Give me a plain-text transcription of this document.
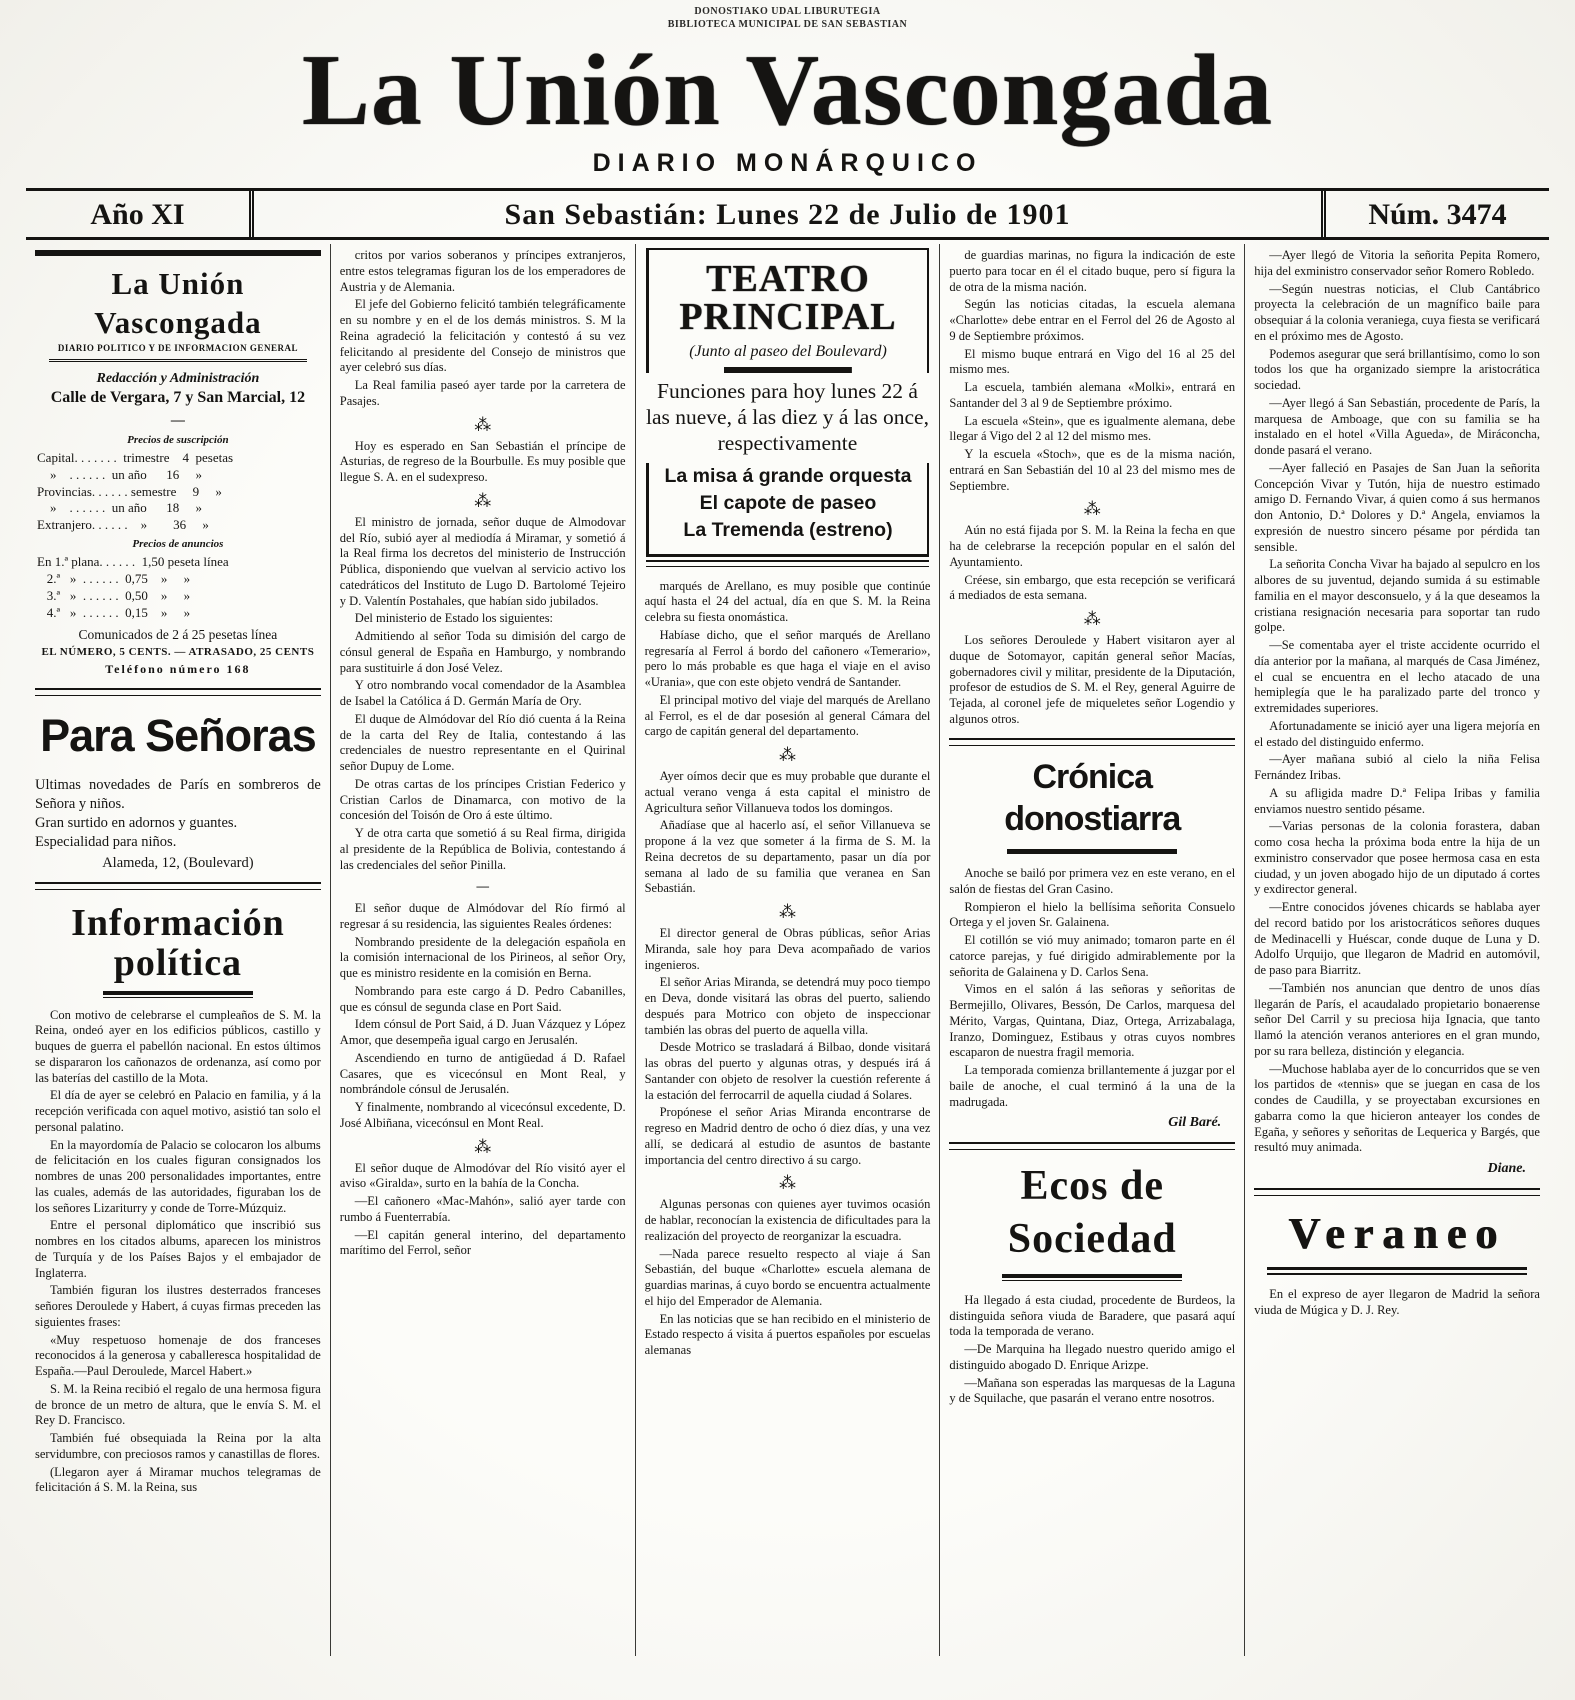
DONOSTIAKO UDAL LIBURUTEGIA
BIBLIOTECA MUNICIPAL DE SAN SEBASTIAN
La Unión Vascongada
DIARIO MONÁRQUICO
Año XI	San Sebastián: Lunes 22 de Julio de 1901	Núm. 3474
La Unión Vascongada
DIARIO POLITICO Y DE INFORMACION GENERAL
Redacción y Administración
Calle de Vergara, 7 y San Marcial, 12
—
Precios de suscripción
Capital. . . . . . .  trimestre    4  pesetas
»    . . . . . .  un año      16     »
Provincias. . . . . . semestre     9     »
»    . . . . . .  un año      18     »
Extranjero. . . . . .    »        36     »
Precios de anuncios
En 1.ª plana. . . . . .  1,50 peseta línea
2.ª   »  . . . . . .  0,75    »     »
3.ª   »  . . . . . .  0,50    »     »
4.ª   »  . . . . . .  0,15    »     »
Comunicados de 2 á 25 pesetas línea
EL NÚMERO, 5 CENTS. — ATRASADO, 25 CENTS
Teléfono número 168
Para Señoras
Ultimas novedades de París en sombreros de Señora y niños.
Gran surtido en adornos y guantes.
Especialidad para niños.
Alameda, 12, (Boulevard)
Información política
Con motivo de celebrarse el cumpleaños de S. M. la Reina, ondeó ayer en los edificios públicos, castillo y buques de guerra el pabellón nacional. En estos últimos se dispararon los cañonazos de ordenanza, así como por las baterías del castillo de la Mota.
El día de ayer se celebró en Palacio en familia, y á la recepción verificada con aquel motivo, asistió tan solo el personal palatino.
En la mayordomía de Palacio se colocaron los albums de felicitación en los cuales figuran consignados los nombres de unas 200 personalidades importantes, entre las cuales, además de las autoridades, figuraban los de los señores Lizariturry y conde de Torre-Múzquiz.
Entre el personal diplomático que inscribió sus nombres en los citados albums, aparecen los ministros de Turquía y de los Países Bajos y el embajador de Inglaterra.
También figuran los ilustres desterrados franceses señores Deroulede y Habert, á cuyas firmas preceden las siguientes frases:
«Muy respetuoso homenaje de dos franceses reconocidos á la generosa y caballeresca hospitalidad de España.—Paul Deroulede, Marcel Habert.»
S. M. la Reina recibió el regalo de una hermosa figura de bronce de un metro de altura, que le envía S. M. el Rey D. Francisco.
También fué obsequiada la Reina por la alta servidumbre, con preciosos ramos y canastillas de flores.
(Llegaron ayer á Miramar muchos telegramas de felicitación á S. M. la Reina, sus
critos por varios soberanos y príncipes extranjeros, entre estos telegramas figuran los de los emperadores de Austria y de Alemania.
El jefe del Gobierno felicitó también telegráficamente en su nombre y en el de los demás ministros. S. M la Reina agradeció la felicitación y contestó á su vez felicitando al presidente del Consejo de ministros que ayer celebró sus días.
La Real familia paseó ayer tarde por la carretera de Pasajes.
⁂
Hoy es esperado en San Sebastián el príncipe de Asturias, de regreso de la Bourbulle. Es muy posible que llegue S. A. en el sudexpreso.
⁂
El ministro de jornada, señor duque de Almodovar del Río, subió ayer al mediodía á Miramar, y sometió á la Real firma los decretos del ministerio de Instrucción Pública, disponiendo que vuelvan al servicio activo los catedráticos del Instituto de Lugo D. Bartolomé Tejeiro y D. Valentín Postahales, que habían sido jubilados.
Del ministerio de Estado los siguientes:
Admitiendo al señor Toda su dimisión del cargo de cónsul general de España en Hamburgo, y nombrando para sustituirle á don José Velez.
Y otro nombrando vocal comendador de la Asamblea de Isabel la Católica á D. Germán María de Ory.
El duque de Almódovar del Río dió cuenta á la Reina de la carta del Rey de Italia, contestando á las credenciales de nuestro representante en el Quirinal señor Dupuy de Lome.
De otras cartas de los príncipes Cristian Federico y Cristian Carlos de Dinamarca, con motivo de la concesión del Toisón de Oro á este último.
Y de otra carta que sometió á su Real firma, dirigida al presidente de la República de Bolivia, contestando á las credenciales del señor Pinilla.
—
El señor duque de Almódovar del Río firmó al regresar á su residencia, las siguientes Reales órdenes:
Nombrando presidente de la delegación española en la comisión internacional de los Pirineos, al señor Ory, que es ministro residente en la comisión en Berna.
Nombrando para este cargo á D. Pedro Cabanilles, que es cónsul de segunda clase en Port Said.
Idem cónsul de Port Said, á D. Juan Vázquez y López Amor, que desempeña igual cargo en Jerusalén.
Ascendiendo en turno de antigüedad á D. Rafael Casares, que es vicecónsul en Mont Real, y nombrándole cónsul de Jerusalén.
Y finalmente, nombrando al vicecónsul excedente, D. José Albiñana, vicecónsul en Mont Real.
⁂
El señor duque de Almodóvar del Río visitó ayer el aviso «Giralda», surto en la bahía de la Concha.
—El cañonero «Mac-Mahón», salió ayer tarde con rumbo á Fuenterrabía.
—El capitán general interino, del departamento marítimo del Ferrol, señor
TEATRO PRINCIPAL
(Junto al paseo del Boulevard)
Funciones para hoy lunes 22 á las nueve, á las diez y á las once, respectivamente
La misa á grande orquesta
El capote de paseo
La Tremenda (estreno)
marqués de Arellano, es muy posible que continúe aquí hasta el 24 del actual, día en que S. M. la Reina celebra su fiesta onomástica.
Habíase dicho, que el señor marqués de Arellano regresaría al Ferrol á bordo del cañonero «Temerario», pero lo más probable es que haga el viaje en el aviso «Urania», que con este objeto vendrá de Santander.
El principal motivo del viaje del marqués de Arellano al Ferrol, es el de dar posesión al general Cámara del cargo de capitán general del departamento.
⁂
Ayer oímos decir que es muy probable que durante el actual verano venga á esta capital el ministro de Agricultura señor Villanueva todos los domingos.
Añadíase que al hacerlo así, el señor Villanueva se propone á la vez que someter á la firma de S. M. la Reina decretos de su departamento, pasar un día por semana al lado de su familia que veranea en San Sebastián.
⁂
El director general de Obras públicas, señor Arias Miranda, sale hoy para Deva acompañado de varios ingenieros.
El señor Arias Miranda, se detendrá muy poco tiempo en Deva, donde visitará las obras del puerto, saliendo después para Motrico con objeto de inspeccionar también las obras del puerto de aquella villa.
Desde Motrico se trasladará á Bilbao, donde visitará las obras del puerto y algunas otras, y después irá á Santander con objeto de resolver la cuestión referente á la estación del ferrocarril de aquella ciudad á Solares.
Propónese el señor Arias Miranda encontrarse de regreso en Madrid dentro de ocho ó diez días, y una vez allí, se dedicará al estudio de asuntos de bastante importancia del centro directivo á su cargo.
⁂
Algunas personas con quienes ayer tuvimos ocasión de hablar, reconocían la existencia de dificultades para la realización del proyecto de reorganizar la escuadra.
—Nada parece resuelto respecto al viaje á San Sebastián, del buque «Charlotte» escuela alemana de guardias marinas, á cuyo bordo se encuentra actualmente el hijo del Emperador de Alemania.
En las noticias que se han recibido en el ministerio de Estado respecto á visita á puertos españoles por escuelas alemanas
de guardias marinas, no figura la indicación de este puerto para tocar en él el citado buque, pero sí figura la de otra de la misma nación.
Según las noticias citadas, la escuela alemana «Charlotte» debe entrar en el Ferrol del 26 de Agosto al 9 de Septiembre próximos.
El mismo buque entrará en Vigo del 16 al 25 del mismo mes.
La escuela, también alemana «Molki», entrará en Santander del 3 al 9 de Septiembre próximo.
La escuela «Stein», que es igualmente alemana, debe llegar á Vigo del 2 al 12 del mismo mes.
Y la escuela «Stoch», que es de la misma nación, entrará en San Sebastián del 10 al 23 del mismo mes de Septiembre.
⁂
Aún no está fijada por S. M. la Reina la fecha en que ha de celebrarse la recepción popular en el salón del Ayuntamiento.
Créese, sin embargo, que esta recepción se verificará á mediados de esta semana.
⁂
Los señores Deroulede y Habert visitaron ayer al duque de Sotomayor, capitán general señor Macías, gobernadores civil y militar, presidente de la Diputación, profesor de estudios de S. M. el Rey, general Aguirre de Tejada, al coronel jefe de miqueletes señor Logendio y algunos otros.
Crónica donostiarra
Anoche se bailó por primera vez en este verano, en el salón de fiestas del Gran Casino.
Rompieron el hielo la bellísima señorita Consuelo Ortega y el joven Sr. Galainena.
El cotillón se vió muy animado; tomaron parte en él catorce parejas, y fué dirigido admirablemente por la señorita de Galainena y D. Carlos Sena.
Vimos en el salón á las señoras y señoritas de Bermejillo, Olivares, Bessón, De Carlos, marquesa del Mérito, Vargas, Quintana, Diaz, Ortega, Arrizabalaga, Iranzo, Dominguez, Estibaus y otras cuyos nombres escaparon de nuestra fragil memoria.
La temporada comienza brillantemente á juzgar por el baile de anoche, el cual terminó á la una de la madrugada.
Gil Baré.
Ecos de Sociedad
Ha llegado á esta ciudad, procedente de Burdeos, la distinguida señora viuda de Baradere, que pasará aquí toda la temporada de verano.
—De Marquina ha llegado nuestro querido amigo el distinguido abogado D. Enrique Arizpe.
—Mañana son esperadas las marquesas de la Laguna y de Squilache, que pasarán el verano entre nosotros.
—Ayer llegó de Vitoria la señorita Pepita Romero, hija del exministro conservador señor Romero Robledo.
—Según nuestras noticias, el Club Cantábrico proyecta la celebración de un magnífico baile para obsequiar á la colonia veraniega, cuya fiesta se verificará en el próximo mes de Agosto.
Podemos asegurar que será brillantísimo, como lo son todos los que ha organizado siempre la aristocrática sociedad.
—Ayer llegó á San Sebastián, procedente de París, la marquesa de Amboage, que con su familia se ha instalado en el hotel «Villa Agueda», de Miráconcha, donde pasará el verano.
—Ayer falleció en Pasajes de San Juan la señorita Concepción Vivar y Tutón, hija de nuestro estimado amigo D. Fernando Vivar, á quien como á sus hermanos don Antonio, D.ª Dolores y D.ª Angela, enviamos la expresión de nuestro sincero pésame por pérdida tan sensible.
La señorita Concha Vivar ha bajado al sepulcro en los albores de su juventud, dejando sumida á su estimable familia en el mayor desconsuelo, y á la que deseamos la cristiana resignación necesaria para soportar tan rudo golpe.
—Se comentaba ayer el triste accidente ocurrido el día anterior por la mañana, al marqués de Casa Jiménez, el cual se encuentra en el lecho atacado de una hemiplegía que le ha paralizado parte del tronco y extremidades superiores.
Afortunadamente se inició ayer una ligera mejoría en el estado del distinguido enfermo.
—Ayer mañana subió al cielo la niña Felisa Fernández Iribas.
A su afligida madre D.ª Felipa Iribas y familia enviamos nuestro sentido pésame.
—Varias personas de la colonia forastera, daban como cosa hecha la próxima boda entre la hija de un exministro conservador que posee hermosa casa en esta ciudad, y un joven abogado hijo de un diputado á cortes y exdirector general.
—Entre conocidos jóvenes chicards se hablaba ayer del record batido por los aristocráticos señores duques de Medinacelli y Huéscar, conde duque de Luna y D. Adolfo Urquijo, que llegaron de Madrid en automóvil, de paso para Biarritz.
—También nos anuncian que dentro de unos días llegarán de París, el acaudalado propietario bonaerense señor Del Carril y su preciosa hija Ignacia, que tanto llamó la atención veranos anteriores en el gran mundo, por su rara belleza, distinción y elegancia.
—Muchose hablaba ayer de lo concurridos que se ven los partidos de «tennis» que se juegan en casa de los condes de Caudilla, y se proyectaban excursiones en gabarra como la que hicieron anteayer los condes de Egaña, y señores y señoritas de Lequerica y Bargés, que resultó muy animada.
Diane.
Veraneo
En el expreso de ayer llegaron de Madrid la señora viuda de Múgica y D. J. Rey.
